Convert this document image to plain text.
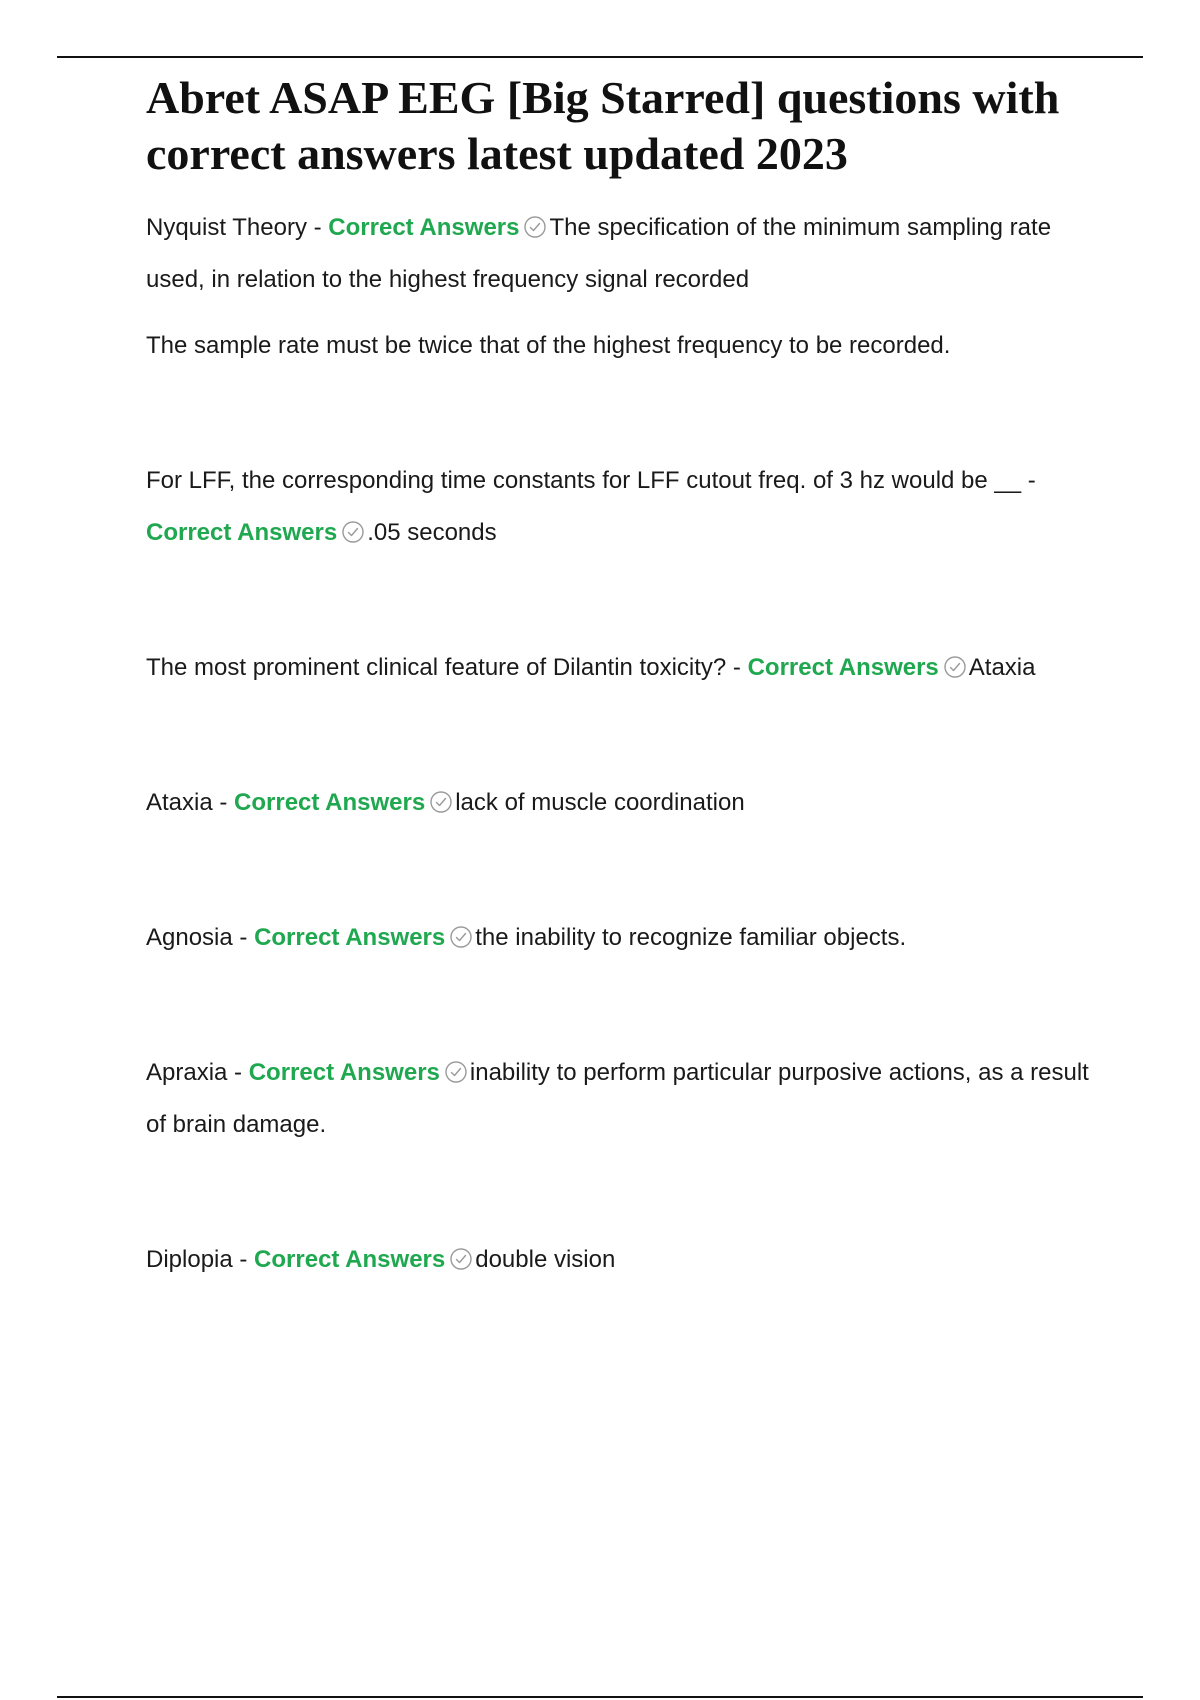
Abret ASAP EEG [Big Starred] questions with correct answers latest updated 2023

Nyquist Theory - Correct Answers The specification of the minimum sampling rate used, in relation to the highest frequency signal recorded

The sample rate must be twice that of the highest frequency to be recorded.

For LFF, the corresponding time constants for LFF cutout freq. of 3 hz would be __ - Correct Answers .05 seconds

The most prominent clinical feature of Dilantin toxicity? - Correct Answers Ataxia

Ataxia - Correct Answers lack of muscle coordination

Agnosia - Correct Answers the inability to recognize familiar objects.

Apraxia - Correct Answers inability to perform particular purposive actions, as a result of brain damage.

Diplopia - Correct Answers double vision
